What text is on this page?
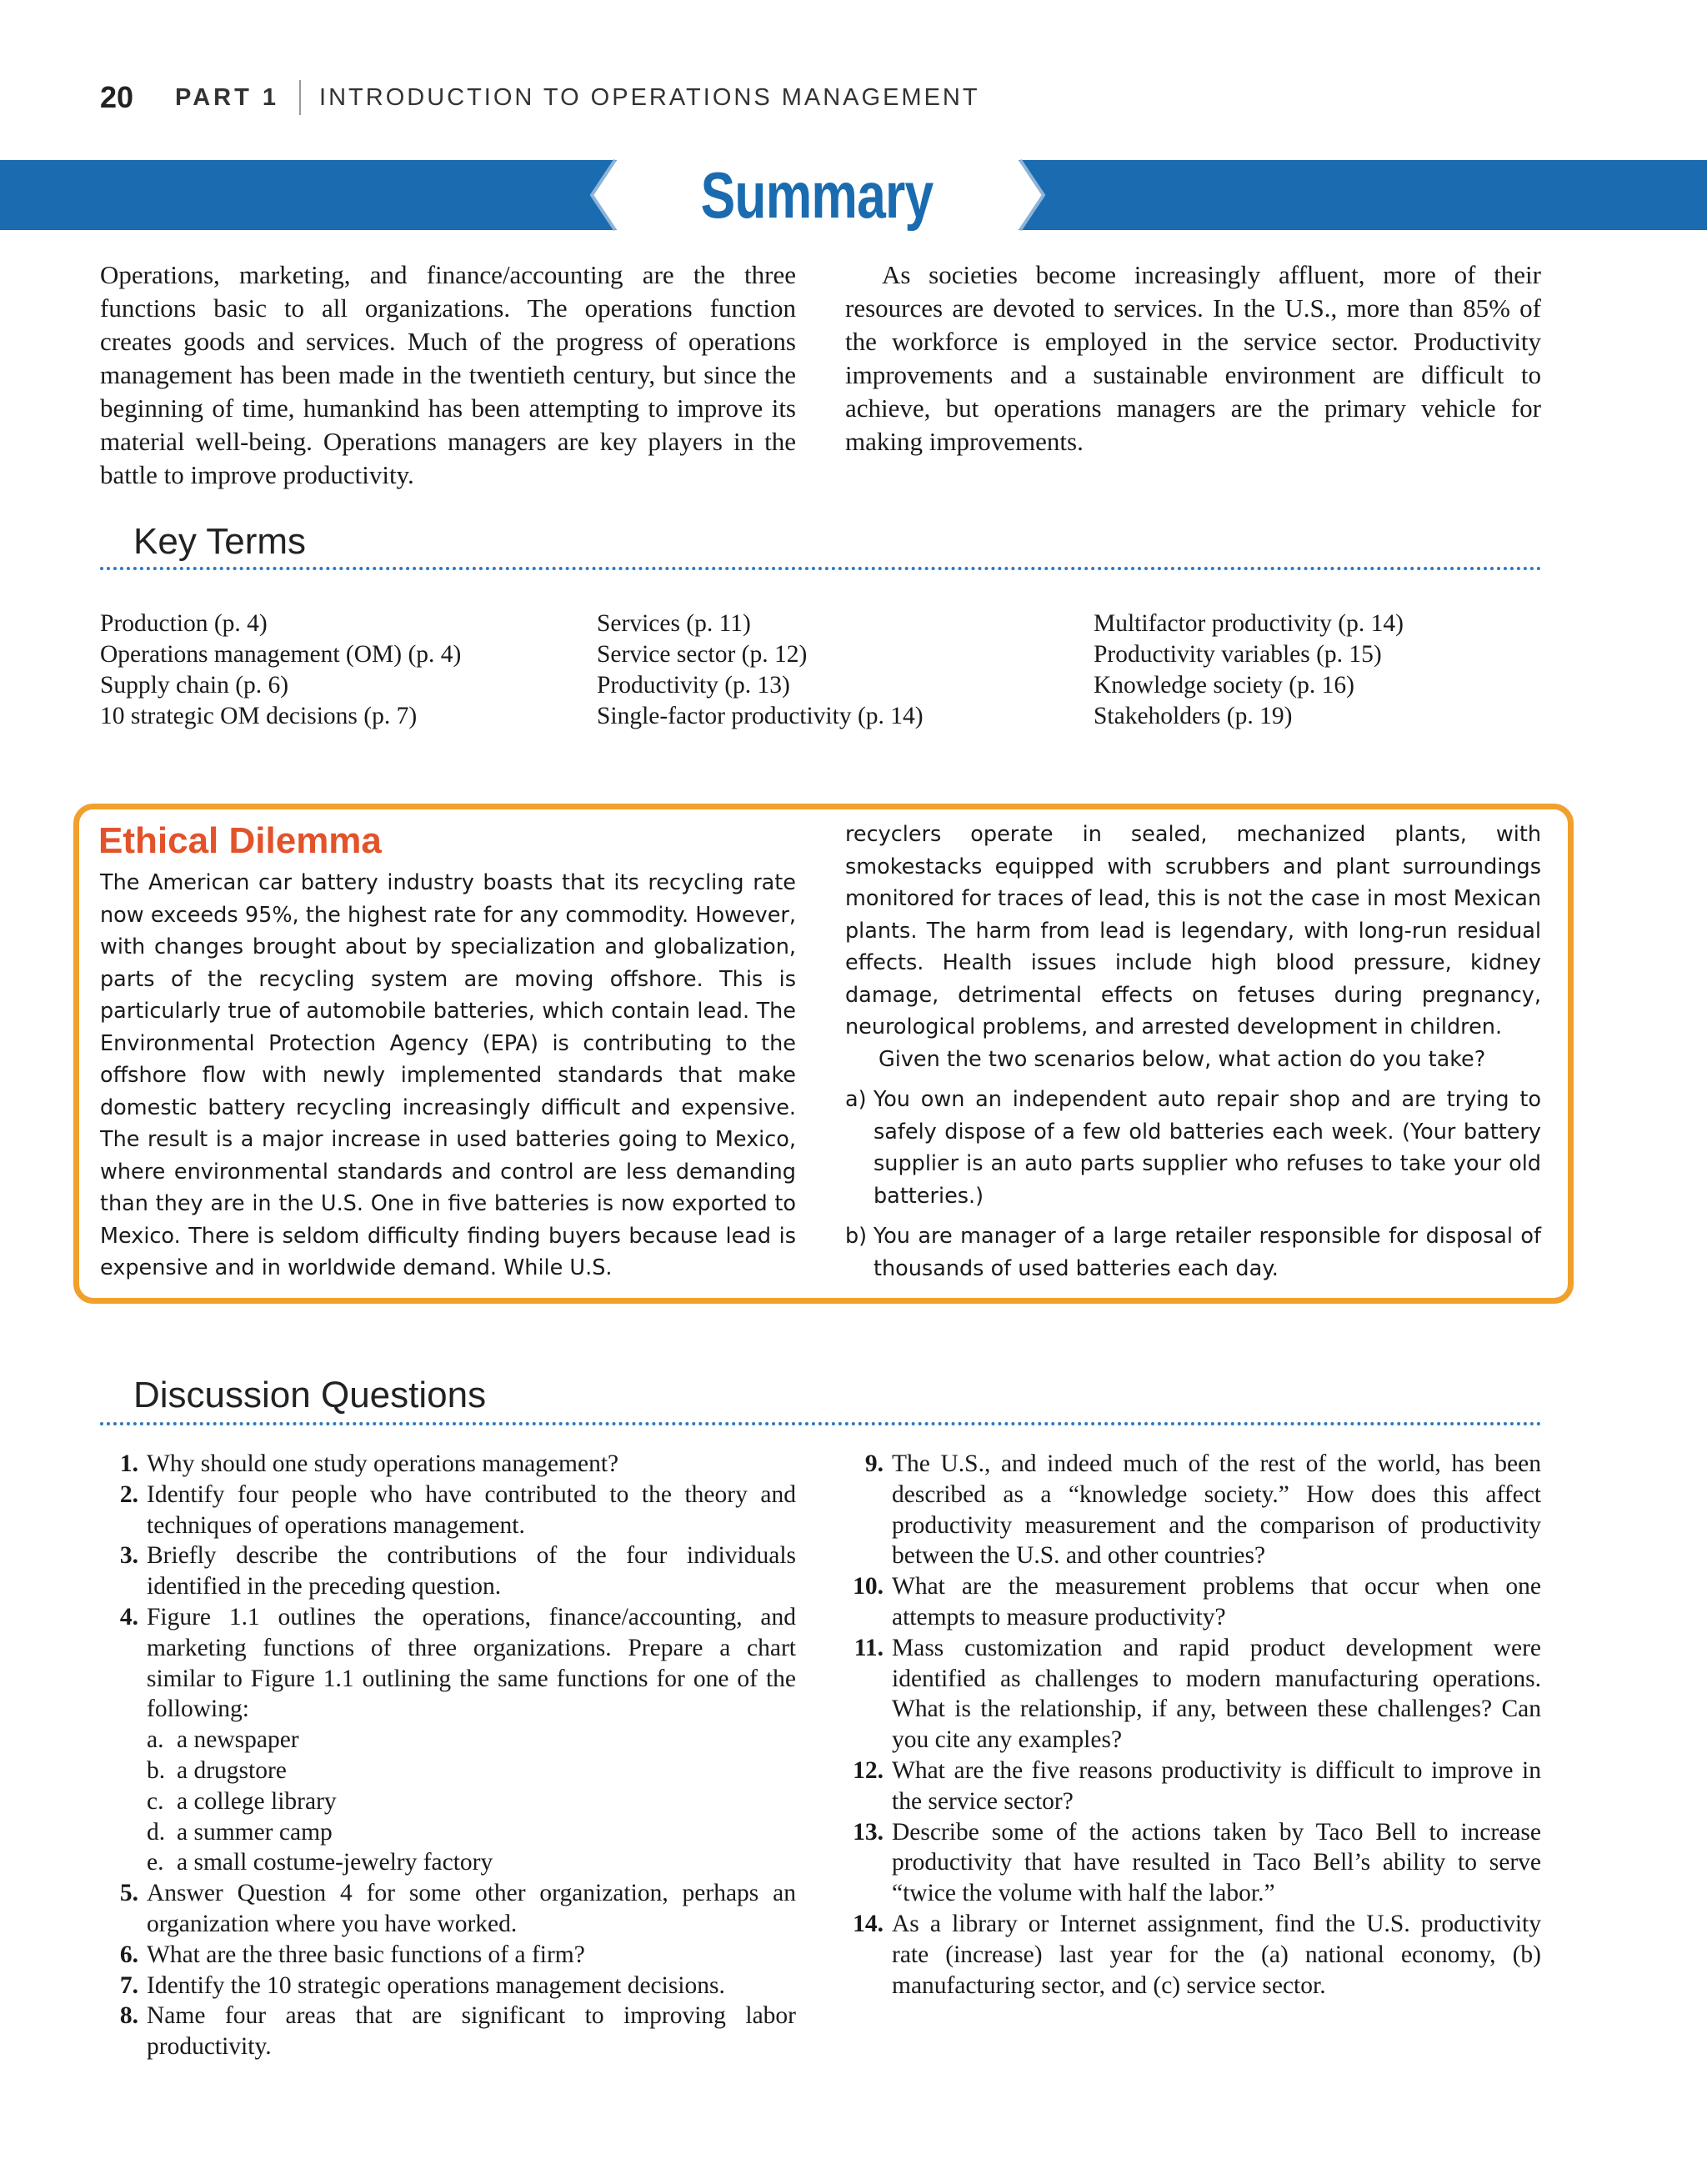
20 PART 1 INTRODUCTION TO OPERATIONS MANAGEMENT
Summary

Operations, marketing, and finance/accounting are the three functions basic to all organizations. The operations function creates goods and services. Much of the progress of operations management has been made in the twentieth century, but since the beginning of time, humankind has been attempting to improve its material well-being. Operations managers are key players in the battle to improve productivity.

As societies become increasingly affluent, more of their resources are devoted to services. In the U.S., more than 85% of the workforce is employed in the service sector. Productivity improvements and a sustainable environment are difficult to achieve, but operations managers are the primary vehicle for making improvements.

Key Terms
Production (p. 4)
Operations management (OM) (p. 4)
Supply chain (p. 6)
10 strategic OM decisions (p. 7)
Services (p. 11)
Service sector (p. 12)
Productivity (p. 13)
Single-factor productivity (p. 14)
Multifactor productivity (p. 14)
Productivity variables (p. 15)
Knowledge society (p. 16)
Stakeholders (p. 19)
Ethical Dilemma

The American car battery industry boasts that its recycling rate now exceeds 95%, the highest rate for any commodity. However, with changes brought about by specialization and globalization, parts of the recycling system are moving offshore. This is particularly true of automobile batteries, which contain lead. The Environmental Protection Agency (EPA) is contributing to the offshore flow with newly implemented standards that make domestic battery recycling increasingly difficult and expensive. The result is a major increase in used batteries going to Mexico, where environmental standards and control are less demanding than they are in the U.S. One in five batteries is now exported to Mexico. There is seldom difficulty finding buyers because lead is expensive and in worldwide demand. While U.S.

recyclers operate in sealed, mechanized plants, with smokestacks equipped with scrubbers and plant surroundings monitored for traces of lead, this is not the case in most Mexican plants. The harm from lead is legendary, with long-run residual effects. Health issues include high blood pressure, kidney damage, detrimental effects on fetuses during pregnancy, neurological problems, and arrested development in children.

Given the two scenarios below, what action do you take?

a) You own an independent auto repair shop and are trying to safely dispose of a few old batteries each week. (Your battery supplier is an auto parts supplier who refuses to take your old batteries.)
b) You are manager of a large retailer responsible for disposal of thousands of used batteries each day.
Discussion Questions
1. Why should one study operations management?
2. Identify four people who have contributed to the theory and techniques of operations management.
3. Briefly describe the contributions of the four individuals identified in the preceding question.
4. Figure 1.1 outlines the operations, finance/accounting, and marketing functions of three organizations. Prepare a chart similar to Figure 1.1 outlining the same functions for one of the following:
a. a newspaper
b. a drugstore
c. a college library
d. a summer camp
e. a small costume-jewelry factory
5. Answer Question 4 for some other organization, perhaps an organization where you have worked.
6. What are the three basic functions of a firm?
7. Identify the 10 strategic operations management decisions.
8. Name four areas that are significant to improving labor productivity.
9. The U.S., and indeed much of the rest of the world, has been described as a “knowledge society.” How does this affect productivity measurement and the comparison of productivity between the U.S. and other countries?
10. What are the measurement problems that occur when one attempts to measure productivity?
11. Mass customization and rapid product development were identified as challenges to modern manufacturing operations. What is the relationship, if any, between these challenges? Can you cite any examples?
12. What are the five reasons productivity is difficult to improve in the service sector?
13. Describe some of the actions taken by Taco Bell to increase productivity that have resulted in Taco Bell’s ability to serve “twice the volume with half the labor.”
14. As a library or Internet assignment, find the U.S. productivity rate (increase) last year for the (a) national economy, (b) manufacturing sector, and (c) service sector.
